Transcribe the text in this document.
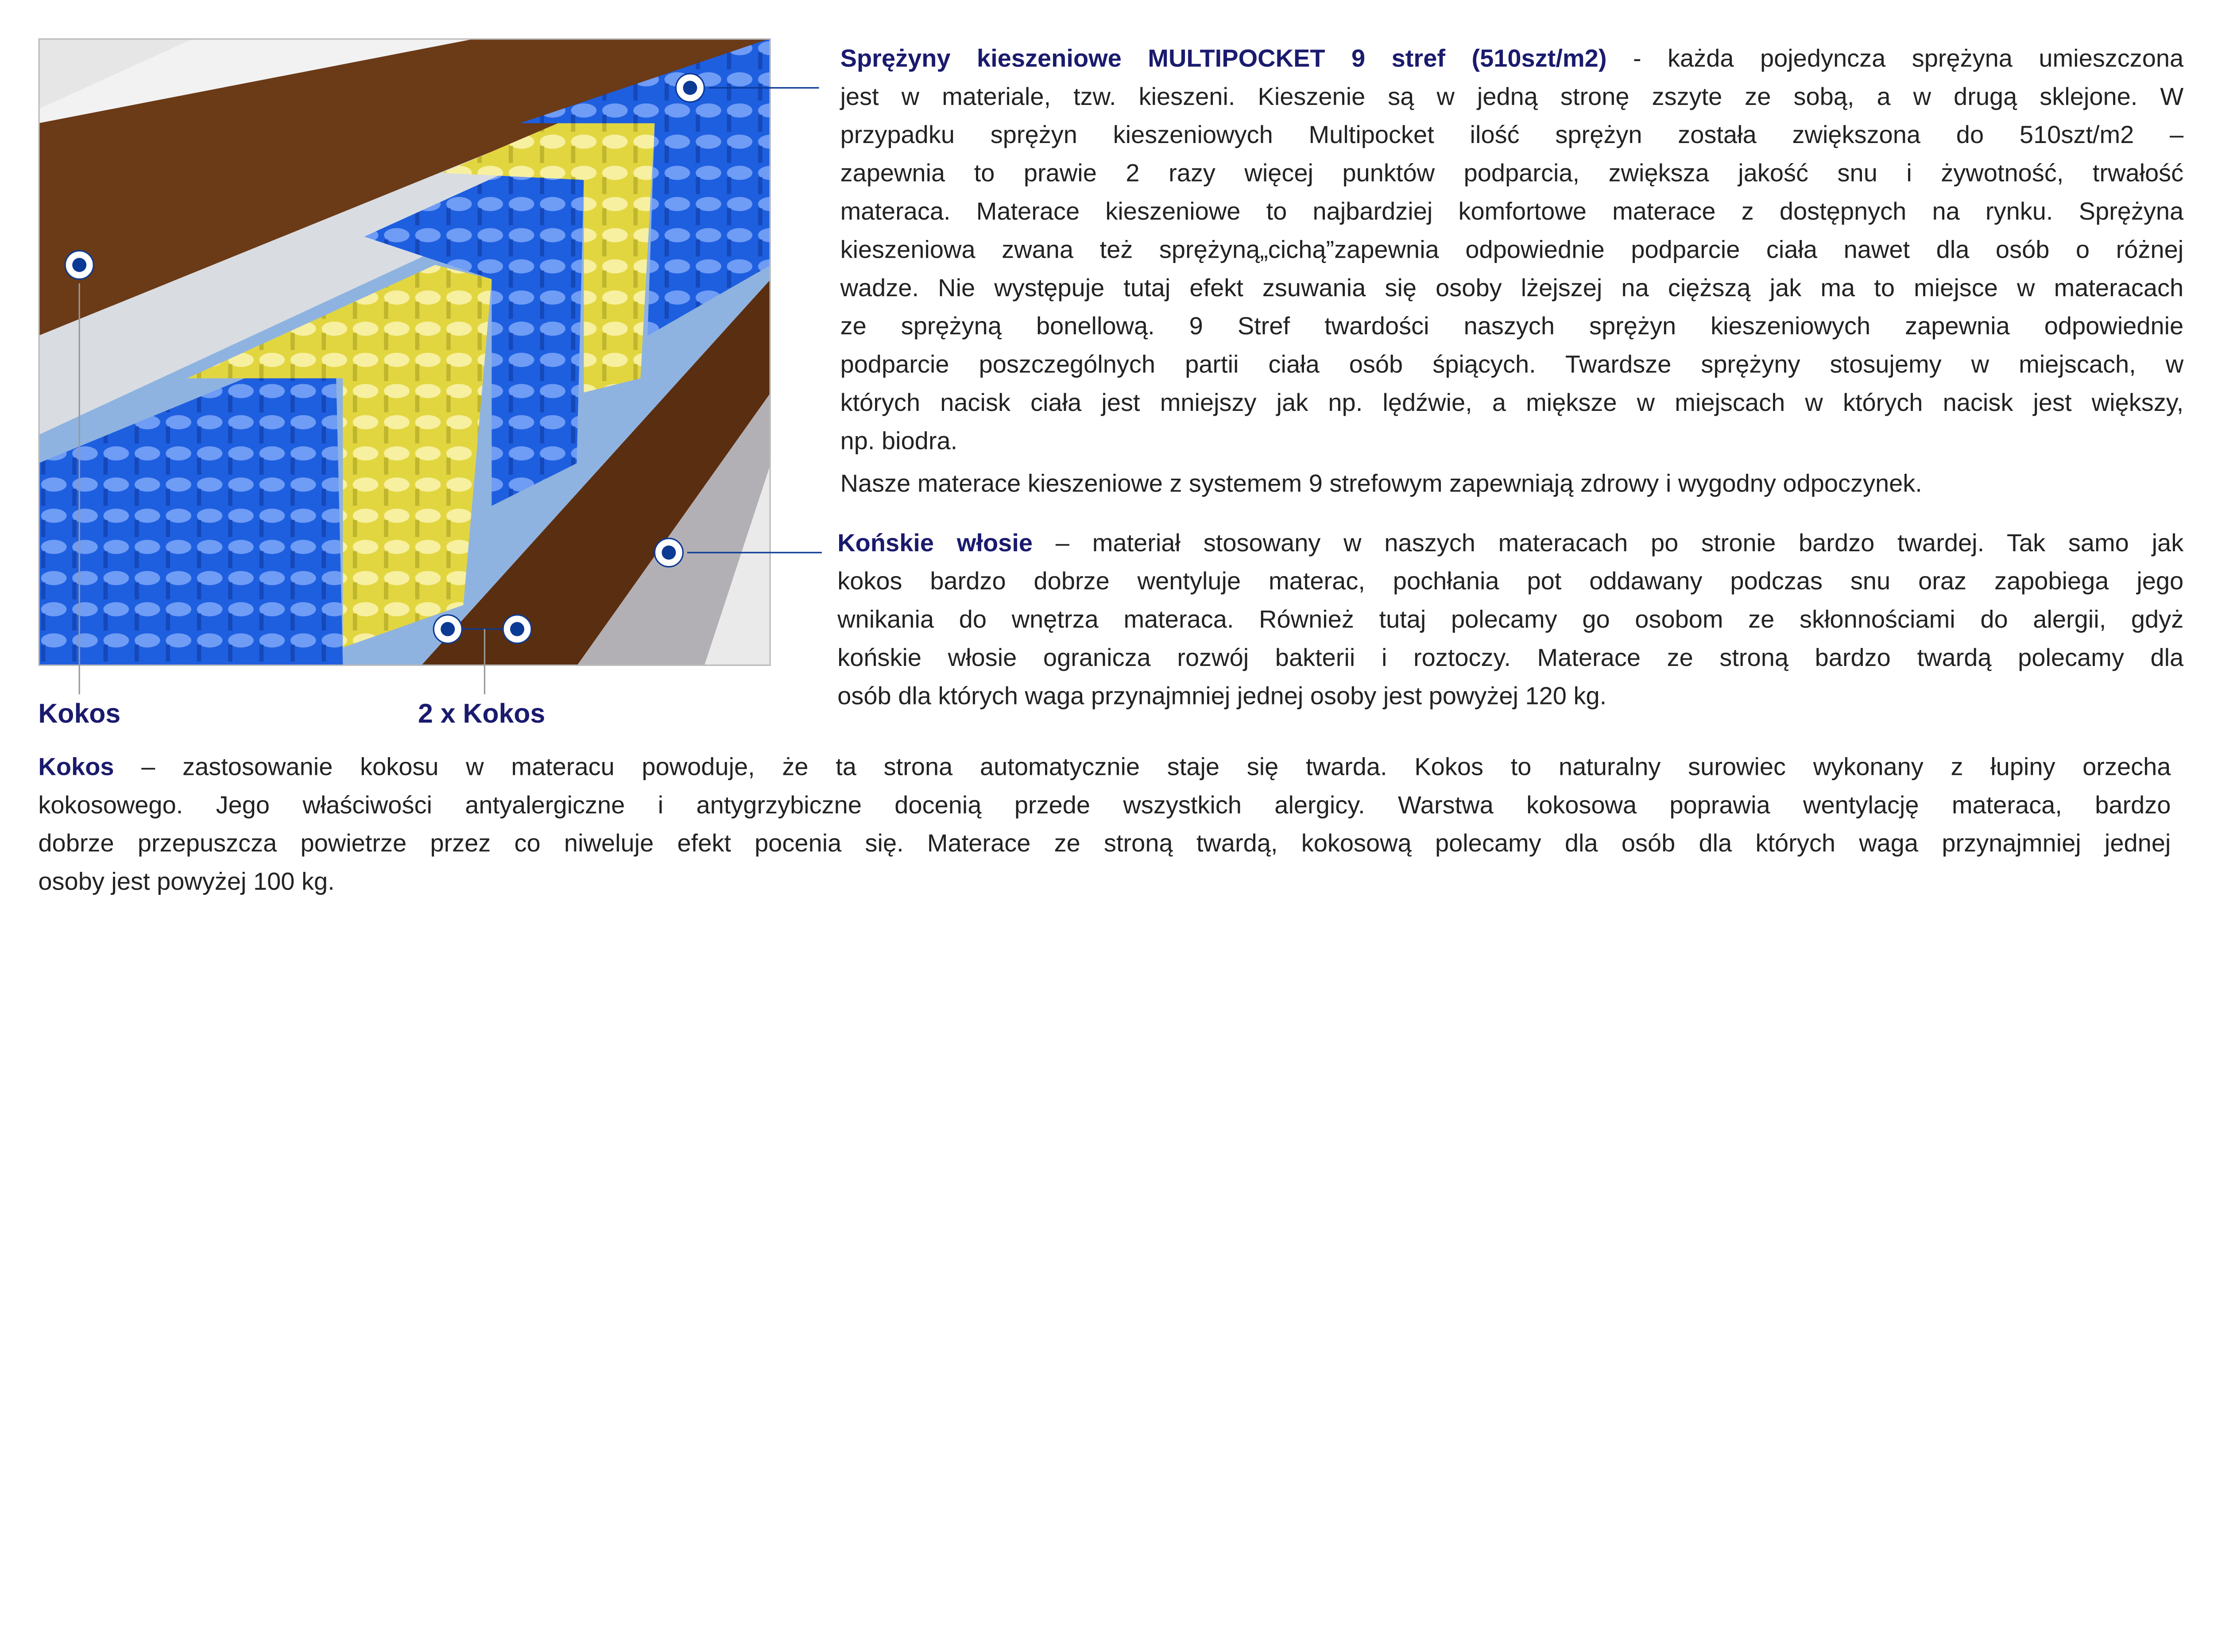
Kokos	2 x Kokos
Sprężyny kieszeniowe MULTIPOCKET 9 stref (510szt/m2) - każda pojedyncza sprężyna umieszczona
jest w materiale, tzw. kieszeni. Kieszenie są w jedną stronę zszyte ze sobą, a w drugą sklejone. W
przypadku sprężyn kieszeniowych Multipocket ilość sprężyn została zwiększona do 510szt/m2 –
zapewnia to prawie 2 razy więcej punktów podparcia, zwiększa jakość snu i żywotność, trwałość
materaca. Materace kieszeniowe to najbardziej komfortowe materace z dostępnych na rynku. Sprężyna
kieszeniowa zwana też sprężyną„cichą”zapewnia odpowiednie podparcie ciała nawet dla osób o różnej
wadze. Nie występuje tutaj efekt zsuwania się osoby lżejszej na cięższą jak ma to miejsce w materacach
ze sprężyną bonellową. 9 Stref twardości naszych sprężyn kieszeniowych zapewnia odpowiednie
podparcie poszczególnych partii ciała osób śpiących. Twardsze sprężyny stosujemy w miejscach, w
których nacisk ciała jest mniejszy jak np. lędźwie, a miększe w miejscach w których nacisk jest większy,
np. biodra.
Nasze materace kieszeniowe z systemem 9 strefowym zapewniają zdrowy i wygodny odpoczynek.
Końskie włosie – materiał stosowany w naszych materacach po stronie bardzo twardej. Tak samo jak
kokos bardzo dobrze wentyluje materac, pochłania pot oddawany podczas snu oraz zapobiega jego
wnikania do wnętrza materaca. Również tutaj polecamy go osobom ze skłonnościami do alergii, gdyż
końskie włosie ogranicza rozwój bakterii i roztoczy. Materace ze stroną bardzo twardą polecamy dla
osób dla których waga przynajmniej jednej osoby jest powyżej 120 kg.
Kokos – zastosowanie kokosu w materacu powoduje, że ta strona automatycznie staje się twarda. Kokos to naturalny surowiec wykonany z łupiny orzecha
kokosowego. Jego właściwości antyalergiczne i antygrzybiczne docenią przede wszystkich alergicy. Warstwa kokosowa poprawia wentylację materaca, bardzo
dobrze przepuszcza powietrze przez co niweluje efekt pocenia się. Materace ze stroną twardą, kokosową polecamy dla osób dla których waga przynajmniej jednej
osoby jest powyżej 100 kg.
